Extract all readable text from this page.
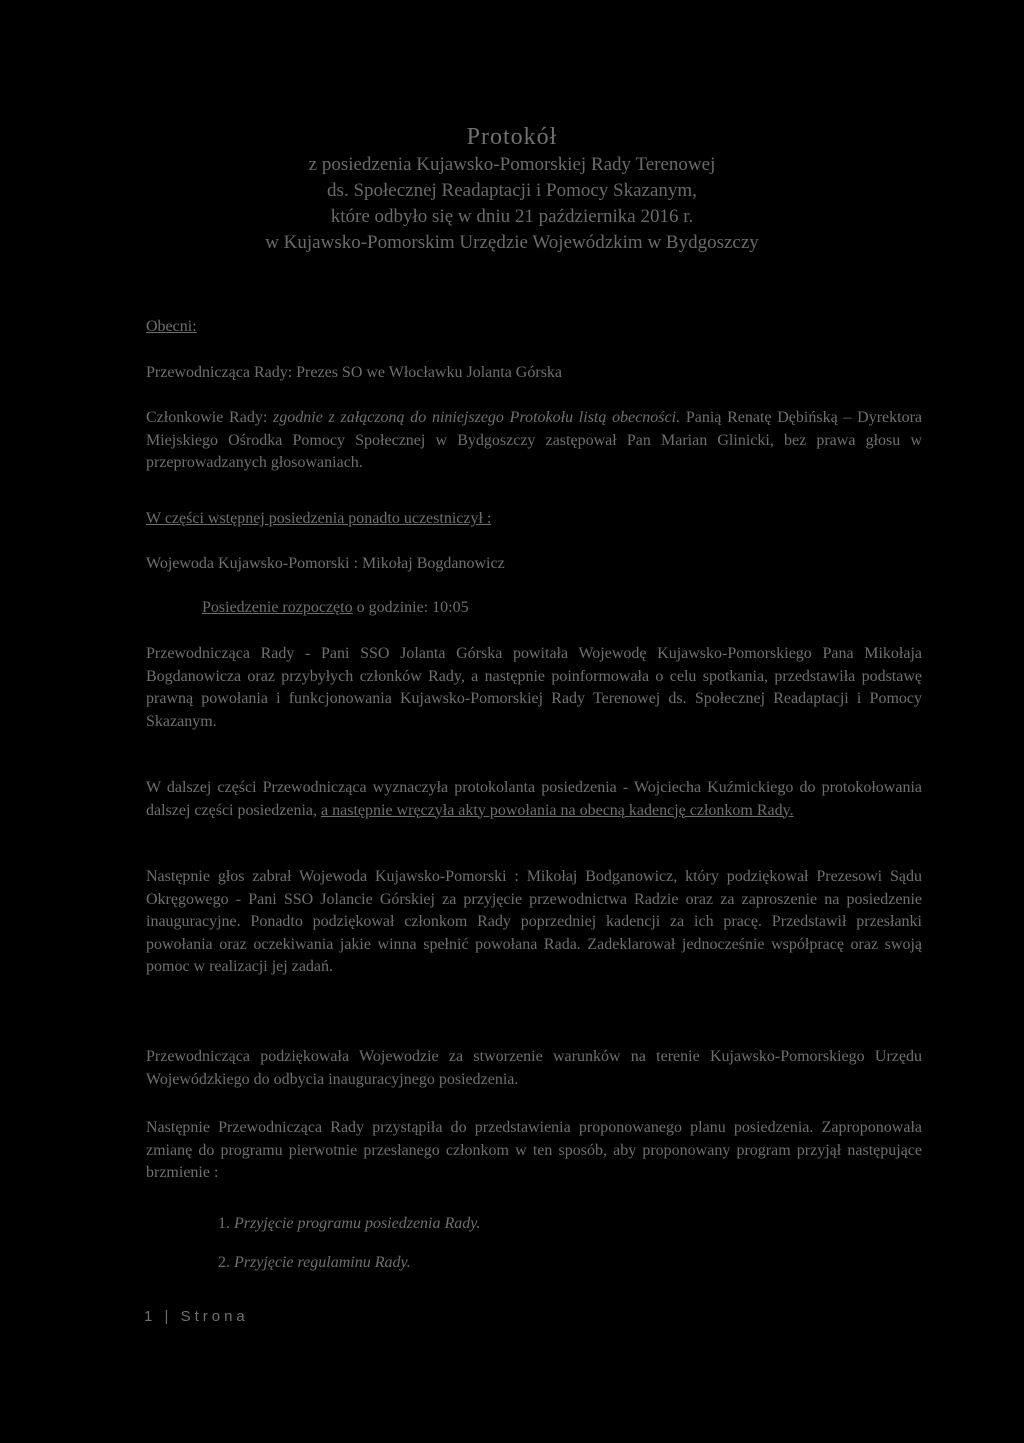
Protokół
z posiedzenia Kujawsko-Pomorskiej Rady Terenowej
ds. Społecznej Readaptacji i Pomocy Skazanym,
które odbyło się w dniu 21 października 2016 r.
w Kujawsko-Pomorskim Urzędzie Wojewódzkim w Bydgoszczy
Obecni:
Przewodnicząca Rady: Prezes SO we Włocławku Jolanta Górska
Członkowie Rady: zgodnie z załączoną do niniejszego Protokołu listą obecności. Panią Renatę Dębińską – Dyrektora Miejskiego Ośrodka Pomocy Społecznej w Bydgoszczy zastępował Pan Marian Glinicki, bez prawa głosu w przeprowadzanych głosowaniach.
W części wstępnej posiedzenia ponadto uczestniczył :
Wojewoda Kujawsko-Pomorski : Mikołaj Bogdanowicz
Posiedzenie rozpoczęto o godzinie: 10:05
Przewodnicząca Rady - Pani SSO Jolanta Górska powitała Wojewodę Kujawsko-Pomorskiego Pana Mikołaja Bogdanowicza oraz przybyłych członków Rady, a następnie poinformowała o celu spotkania, przedstawiła podstawę prawną powołania i funkcjonowania Kujawsko-Pomorskiej Rady Terenowej ds. Społecznej Readaptacji i Pomocy Skazanym.
W dalszej części Przewodnicząca wyznaczyła protokolanta posiedzenia - Wojciecha Kuźmickiego do protokołowania dalszej części posiedzenia, a następnie wręczyła akty powołania na obecną kadencję członkom Rady.
Następnie głos zabrał Wojewoda Kujawsko-Pomorski : Mikołaj Bodganowicz, który podziękował Prezesowi Sądu Okręgowego - Pani SSO Jolancie Górskiej za przyjęcie przewodnictwa Radzie oraz za zaproszenie na posiedzenie inauguracyjne. Ponadto podziękował członkom Rady poprzedniej kadencji za ich pracę. Przedstawił przesłanki powołania oraz oczekiwania jakie winna spełnić powołana Rada. Zadeklarował jednocześnie współpracę oraz swoją pomoc w realizacji jej zadań.
Przewodnicząca podziękowała Wojewodzie za stworzenie warunków na terenie Kujawsko-Pomorskiego Urzędu Wojewódzkiego do odbycia inauguracyjnego posiedzenia.
Następnie Przewodnicząca Rady przystąpiła do przedstawienia proponowanego planu posiedzenia. Zaproponowała zmianę do programu pierwotnie przesłanego członkom w ten sposób, aby proponowany program przyjął następujące brzmienie :
1. Przyjęcie programu posiedzenia Rady.
2. Przyjęcie regulaminu Rady.
1 | Strona
